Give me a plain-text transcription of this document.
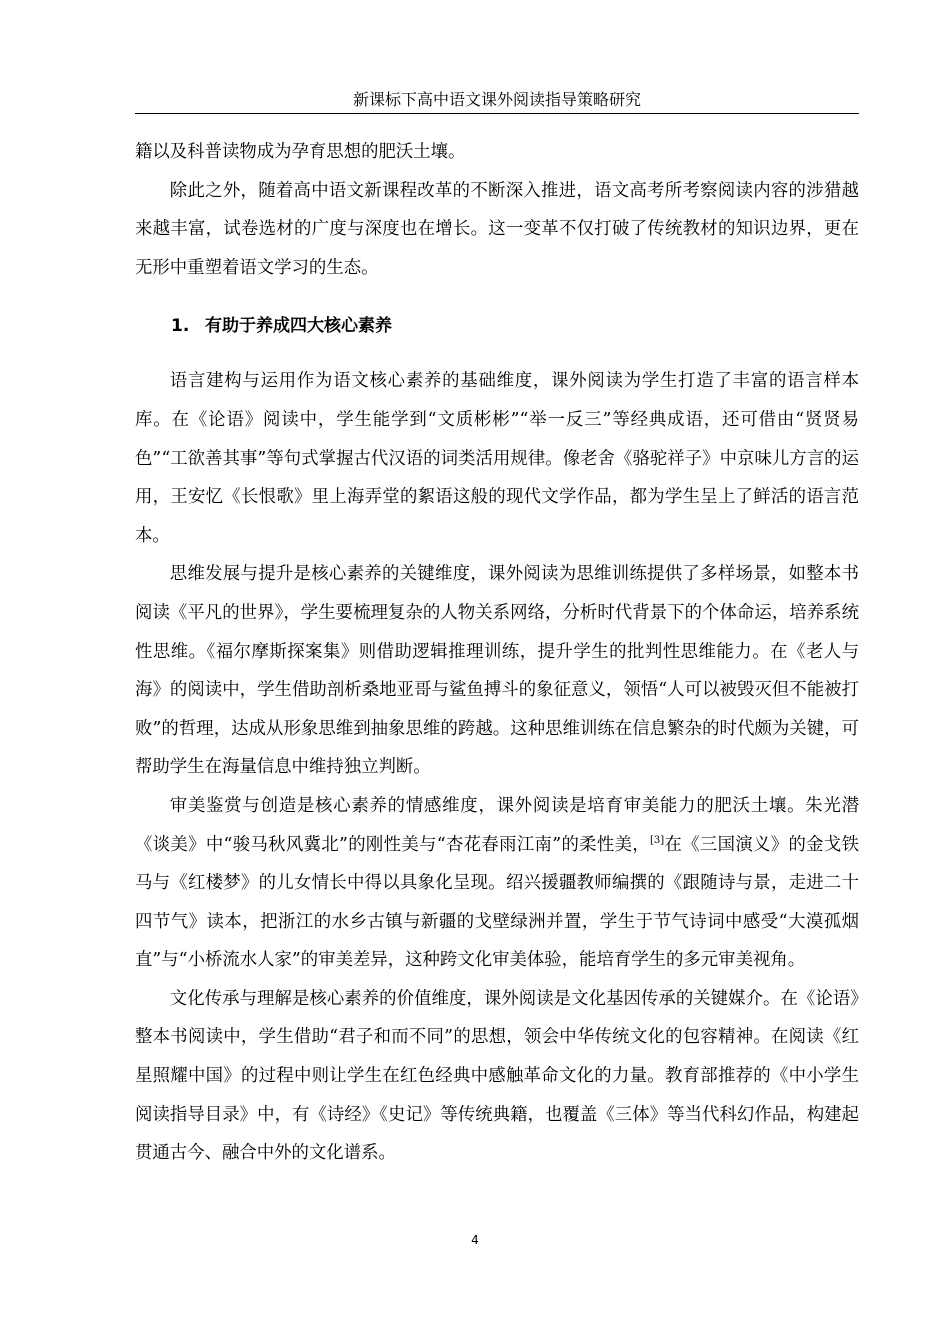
新课标下高中语文课外阅读指导策略研究

籍以及科普读物成为孕育思想的肥沃土壤。

除此之外，随着高中语文新课程改革的不断深入推进，语文高考所考察阅读内容的涉猎越来越丰富，试卷选材的广度与深度也在增长。这一变革不仅打破了传统教材的知识边界，更在无形中重塑着语文学习的生态。

1. 有助于养成四大核心素养

语言建构与运用作为语文核心素养的基础维度，课外阅读为学生打造了丰富的语言样本库。在《论语》阅读中，学生能学到“文质彬彬”“举一反三”等经典成语，还可借由“贤贤易色”“工欲善其事”等句式掌握古代汉语的词类活用规律。像老舍《骆驼祥子》中京味儿方言的运用，王安忆《长恨歌》里上海弄堂的絮语这般的现代文学作品，都为学生呈上了鲜活的语言范本。

思维发展与提升是核心素养的关键维度，课外阅读为思维训练提供了多样场景，如整本书阅读《平凡的世界》，学生要梳理复杂的人物关系网络，分析时代背景下的个体命运，培养系统性思维。《福尔摩斯探案集》则借助逻辑推理训练，提升学生的批判性思维能力。在《老人与海》的阅读中，学生借助剖析桑地亚哥与鲨鱼搏斗的象征意义，领悟“人可以被毁灭但不能被打败”的哲理，达成从形象思维到抽象思维的跨越。这种思维训练在信息繁杂的时代颇为关键，可帮助学生在海量信息中维持独立判断。

审美鉴赏与创造是核心素养的情感维度，课外阅读是培育审美能力的肥沃土壤。朱光潜《谈美》中“骏马秋风冀北”的刚性美与“杏花春雨江南”的柔性美，[3]在《三国演义》的金戈铁马与《红楼梦》的儿女情长中得以具象化呈现。绍兴援疆教师编撰的《跟随诗与景，走进二十四节气》读本，把浙江的水乡古镇与新疆的戈壁绿洲并置，学生于节气诗词中感受“大漠孤烟直”与“小桥流水人家”的审美差异，这种跨文化审美体验，能培育学生的多元审美视角。

文化传承与理解是核心素养的价值维度，课外阅读是文化基因传承的关键媒介。在《论语》整本书阅读中，学生借助“君子和而不同”的思想，领会中华传统文化的包容精神。在阅读《红星照耀中国》的过程中则让学生在红色经典中感触革命文化的力量。教育部推荐的《中小学生阅读指导目录》中，有《诗经》《史记》等传统典籍，也覆盖《三体》等当代科幻作品，构建起贯通古今、融合中外的文化谱系。

4
